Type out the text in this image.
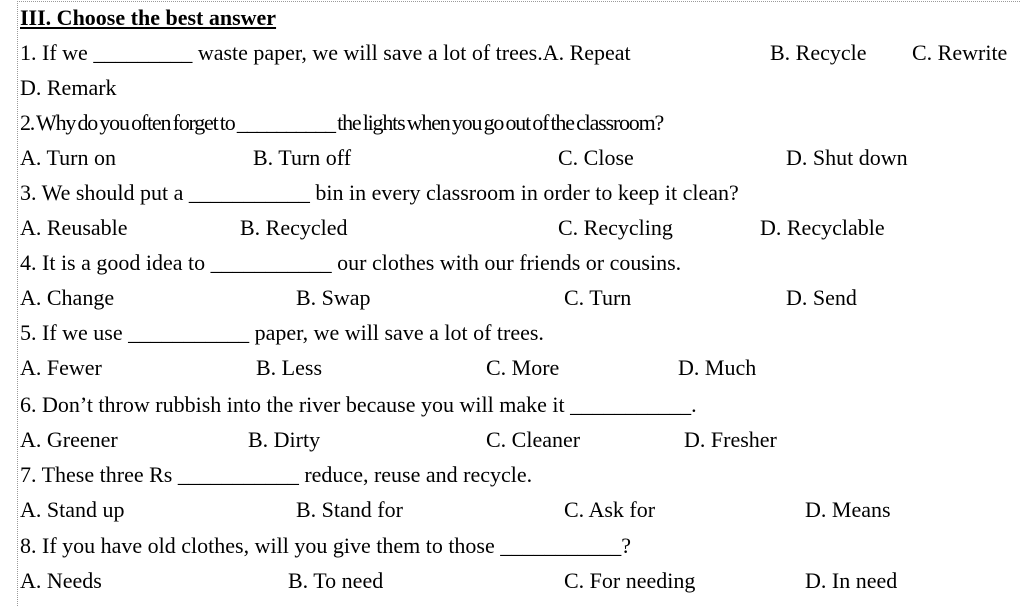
III. Choose the best answer
1. If we _________ waste paper, we will save a lot of trees.A. Repeat	B. Recycle C. Rewrite
D. Remark
2. Why do you often forget to __________ the lights when you go out of the classroom?
A. Turn on	B. Turn off	C. Close	D. Shut down
3. We should put a ___________ bin in every classroom in order to keep it clean?
A. Reusable	B. Recycled	C. Recycling	D. Recyclable
4. It is a good idea to ___________ our clothes with our friends or cousins.
A. Change	B. Swap	C. Turn	D. Send
5. If we use ___________ paper, we will save a lot of trees.
A. Fewer	B. Less	C. More	D. Much
6. Don’t throw rubbish into the river because you will make it ___________.
A. Greener	B. Dirty	C. Cleaner	D. Fresher
7. These three Rs ___________ reduce, reuse and recycle.
A. Stand up	B. Stand for	C. Ask for	D. Means
8. If you have old clothes, will you give them to those ___________?
A. Needs	B. To need	C. For needing	D. In need
